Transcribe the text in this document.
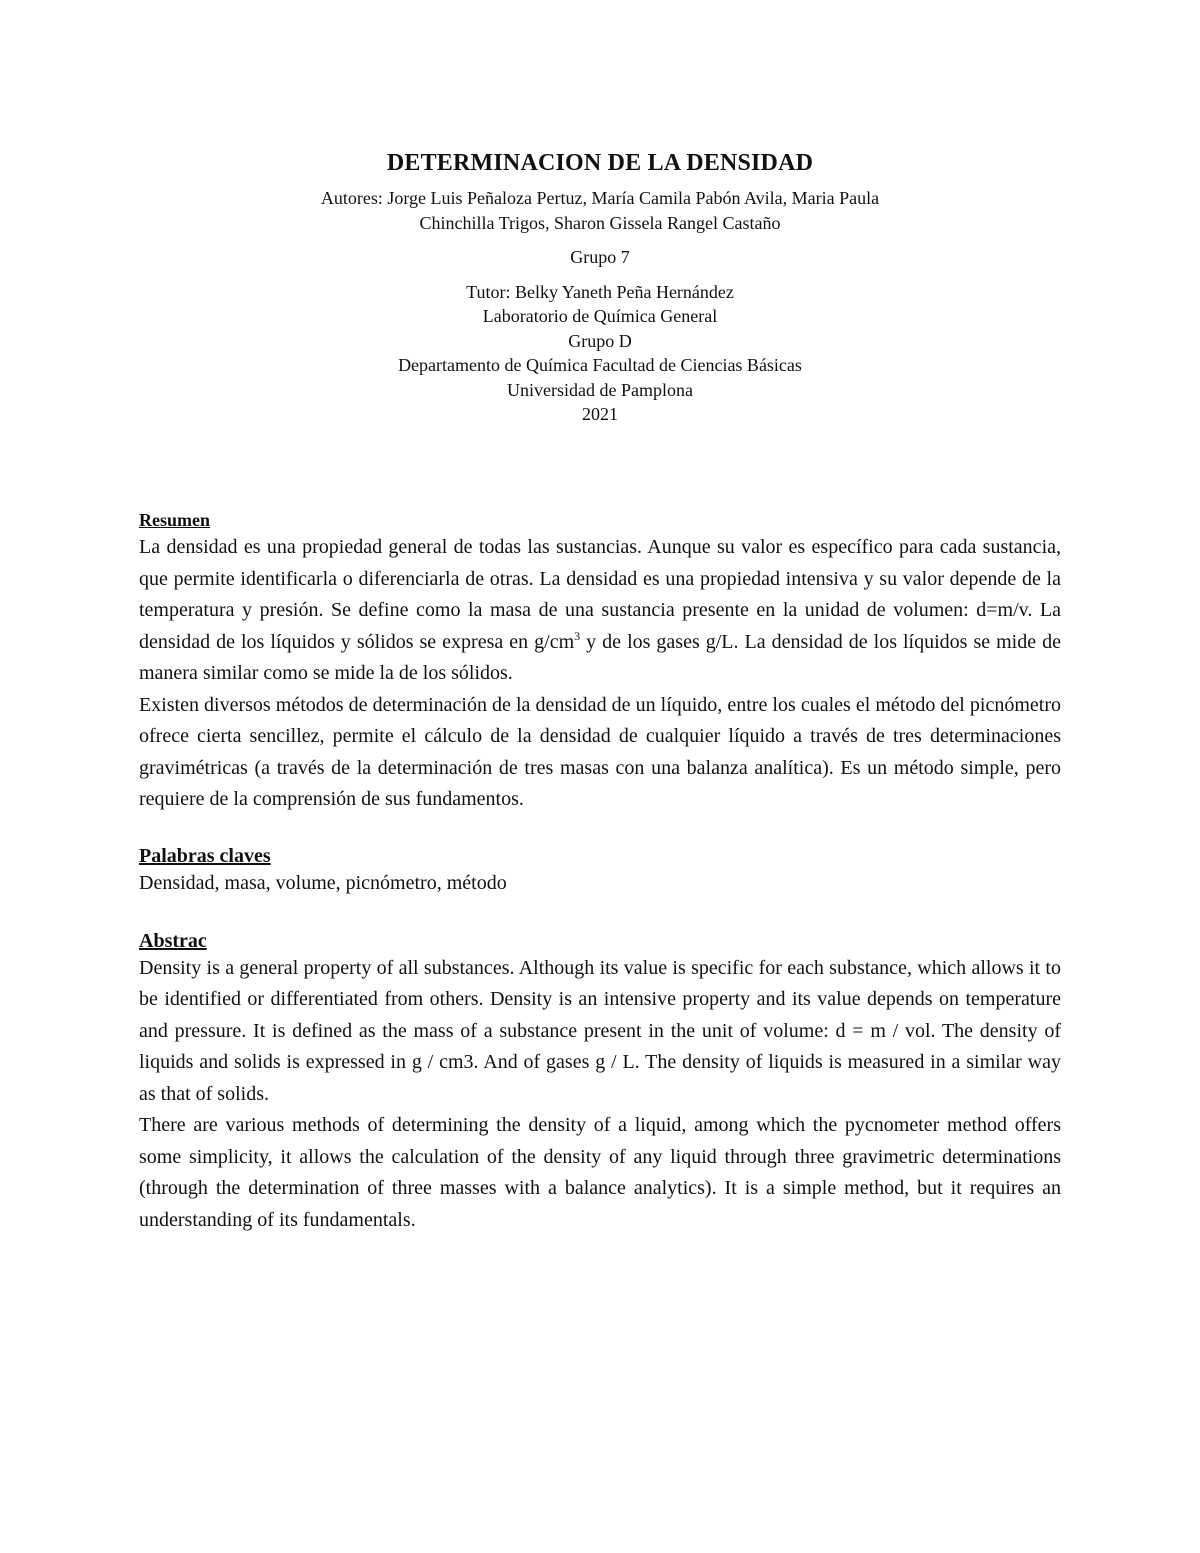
DETERMINACION DE LA DENSIDAD

Autores: Jorge Luis Peñaloza Pertuz, María Camila Pabón Avila, Maria Paula

Chinchilla Trigos, Sharon Gissela Rangel Castaño

Grupo 7

Tutor: Belky Yaneth Peña Hernández

Laboratorio de Química General

Grupo D

Departamento de Química Facultad de Ciencias Básicas

Universidad de Pamplona

2021

Resumen

La densidad es una propiedad general de todas las sustancias. Aunque su valor es específico para cada sustancia, que permite identificarla o diferenciarla de otras. La densidad es una propiedad intensiva y su valor depende de la temperatura y presión. Se define como la masa de una sustancia presente en la unidad de volumen: d=m/v. La densidad de los líquidos y sólidos se expresa en $g/cm^3$ y de los gases g/L. La densidad de los líquidos se mide de manera similar como se mide la de los sólidos.

Existen diversos métodos de determinación de la densidad de un líquido, entre los cuales el método del picnómetro ofrece cierta sencillez, permite el cálculo de la densidad de cualquier líquido a través de tres determinaciones gravimétricas (a través de la determinación de tres masas con una balanza analítica). Es un método simple, pero requiere de la comprensión de sus fundamentos.

Palabras claves

Densidad, masa, volume, picnómetro, método

Abstrac

Density is a general property of all substances. Although its value is specific for each substance, which allows it to be identified or differentiated from others. Density is an intensive property and its value depends on temperature and pressure. It is defined as the mass of a substance present in the unit of volume: d = m / vol. The density of liquids and solids is expressed in g / cm3. And of gases g / L. The density of liquids is measured in a similar way as that of solids.

There are various methods of determining the density of a liquid, among which the pycnometer method offers some simplicity, it allows the calculation of the density of any liquid through three gravimetric determinations (through the determination of three masses with a balance analytics). It is a simple method, but it requires an understanding of its fundamentals.
